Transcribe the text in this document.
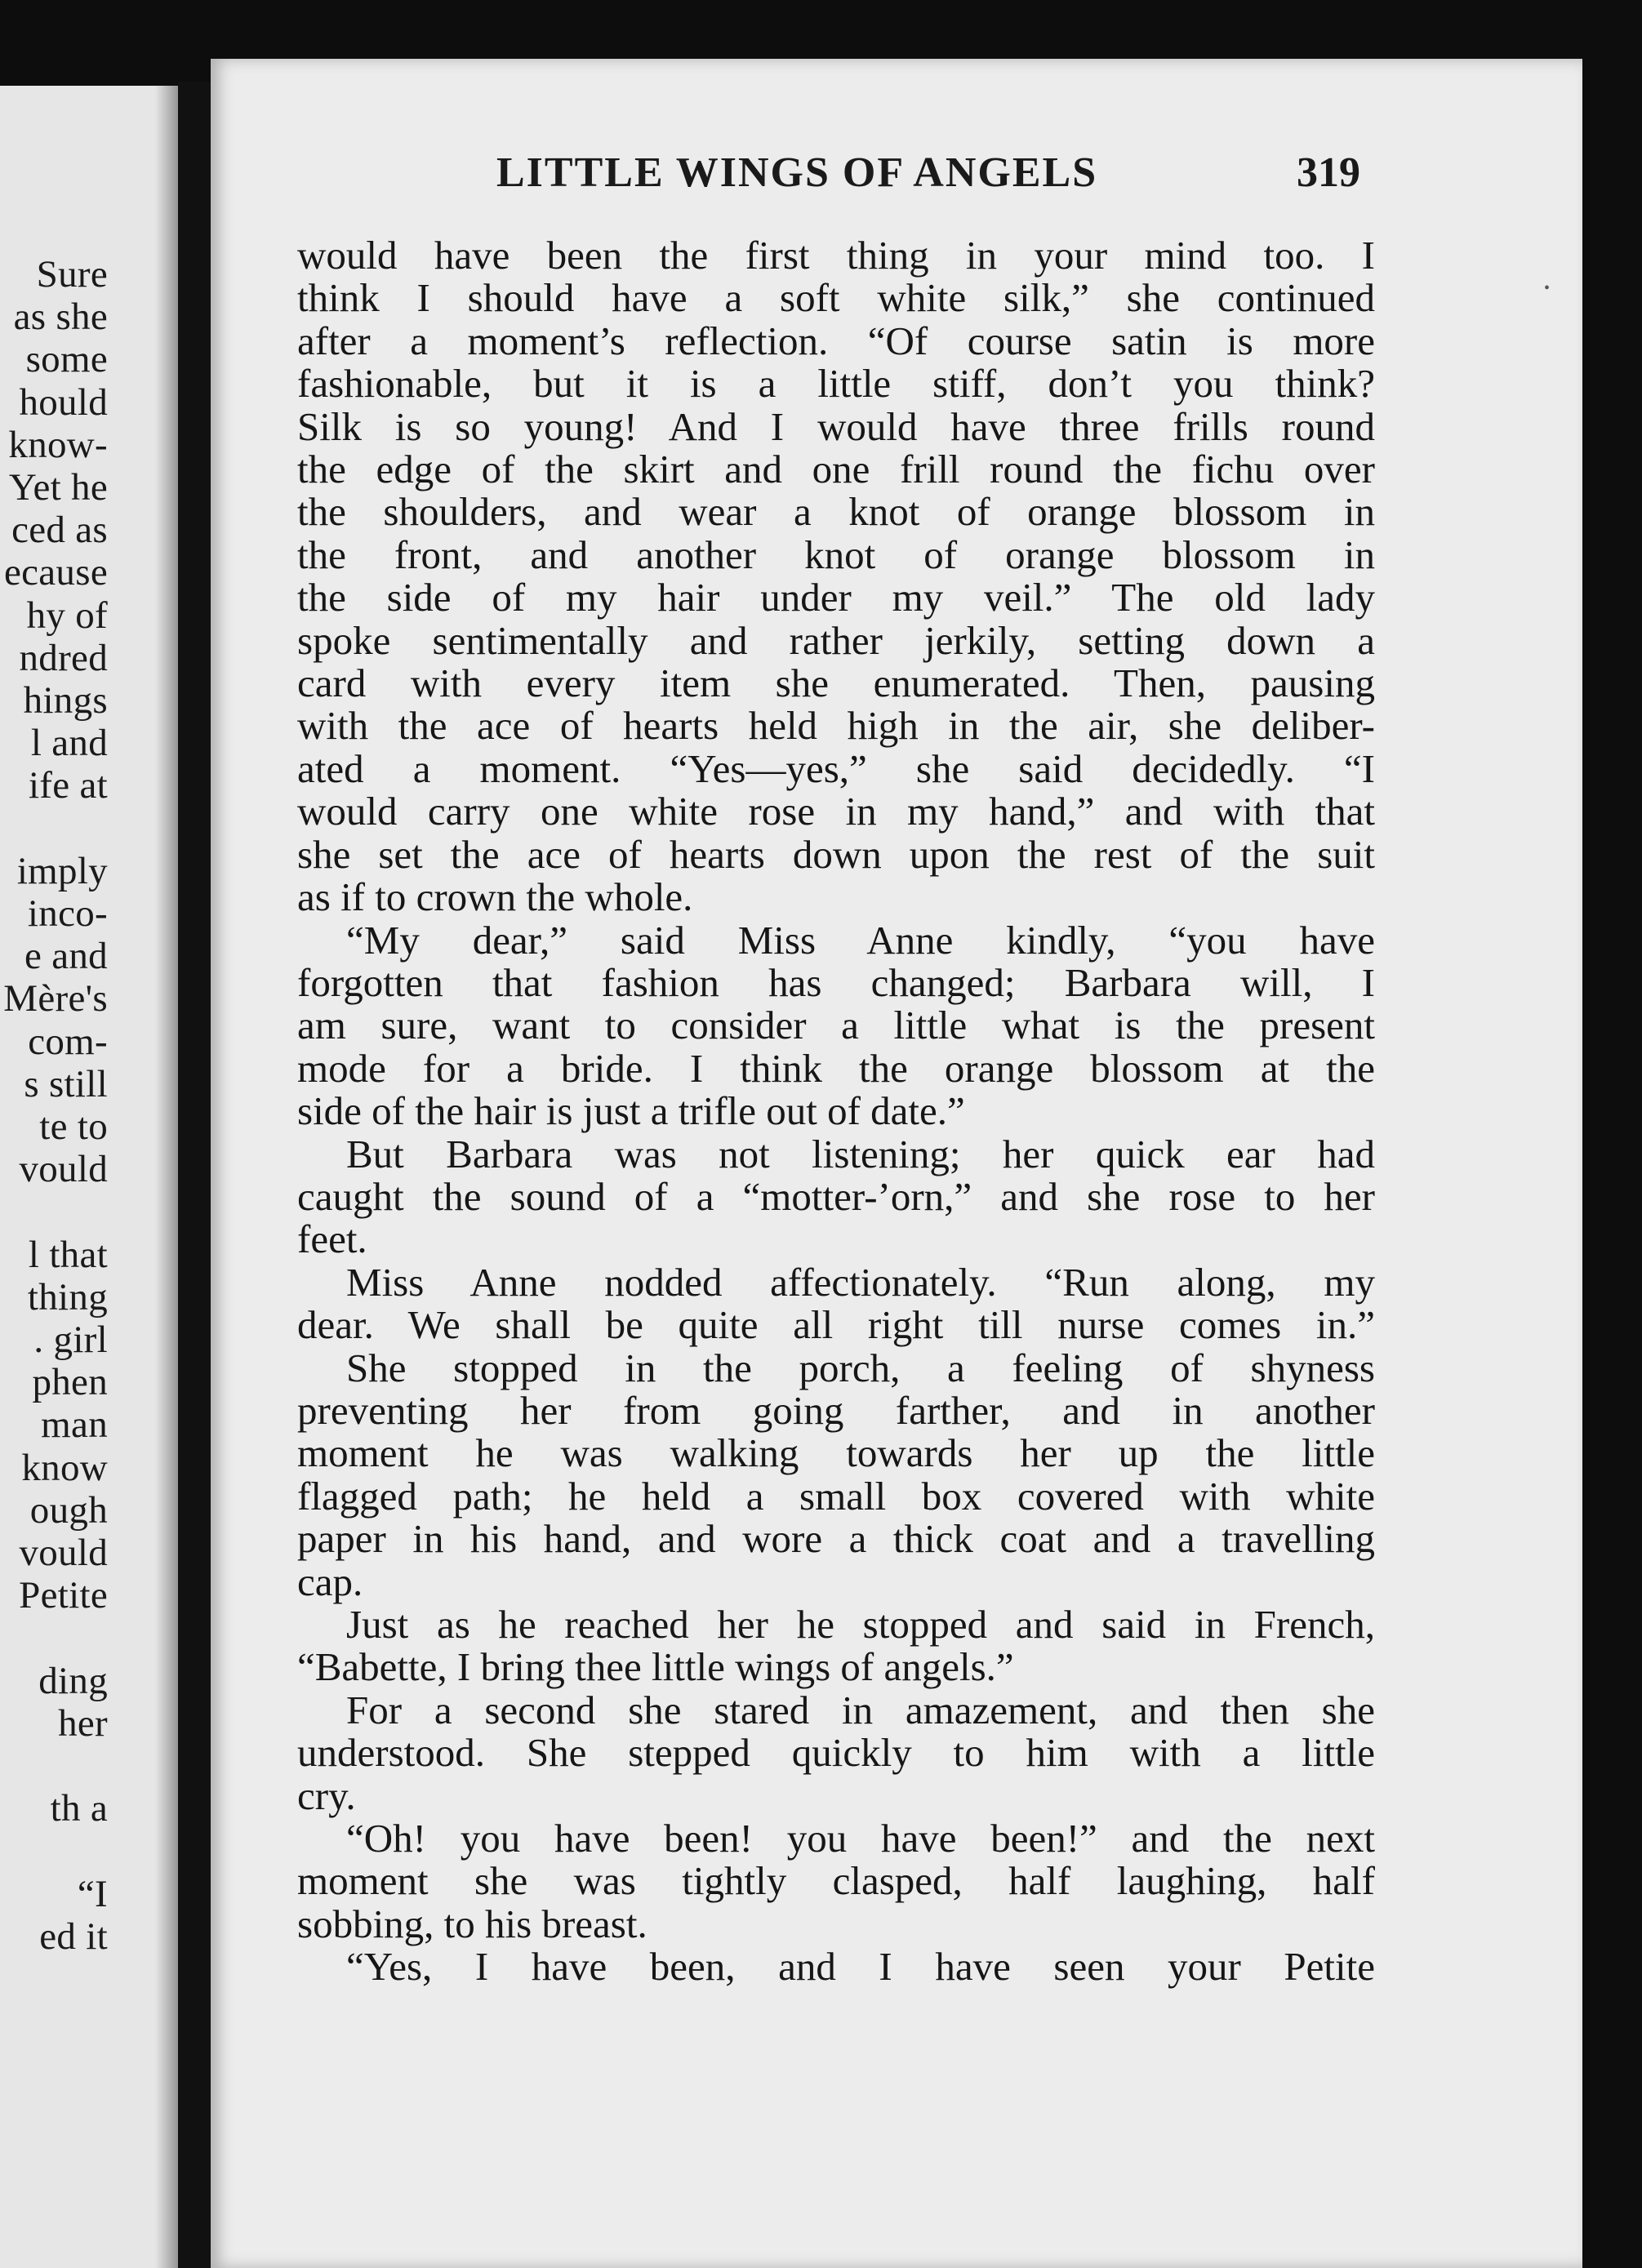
Sure
as she
some
hould
know-
Yet he
ced as
ecause
hy of
ndred
hings
l and
ife at
imply
inco-
e and
Mère's
com-
s still
te to
vould
l that
thing
. girl
phen
man
know
ough
vould
Petite
ding
her
th a
“I
ed it
LITTLE WINGS OF ANGELS	319
would have been the first thing in your mind too. I
think I should have a soft white silk,” she continued
after a moment’s reflection. “Of course satin is more
fashionable, but it is a little stiff, don’t you think?
Silk is so young! And I would have three frills round
the edge of the skirt and one frill round the fichu over
the shoulders, and wear a knot of orange blossom in
the front, and another knot of orange blossom in
the side of my hair under my veil.” The old lady
spoke sentimentally and rather jerkily, setting down a
card with every item she enumerated. Then, pausing
with the ace of hearts held high in the air, she deliber-
ated a moment. “Yes—yes,” she said decidedly. “I
would carry one white rose in my hand,” and with that
she set the ace of hearts down upon the rest of the suit
as if to crown the whole.
“My dear,” said Miss Anne kindly, “you have
forgotten that fashion has changed; Barbara will, I
am sure, want to consider a little what is the present
mode for a bride. I think the orange blossom at the
side of the hair is just a trifle out of date.”
But Barbara was not listening; her quick ear had
caught the sound of a “motter-’orn,” and she rose to her
feet.
Miss Anne nodded affectionately. “Run along, my
dear. We shall be quite all right till nurse comes in.”
She stopped in the porch, a feeling of shyness
preventing her from going farther, and in another
moment he was walking towards her up the little
flagged path; he held a small box covered with white
paper in his hand, and wore a thick coat and a travelling
cap.
Just as he reached her he stopped and said in French,
“Babette, I bring thee little wings of angels.”
For a second she stared in amazement, and then she
understood. She stepped quickly to him with a little
cry.
“Oh! you have been! you have been!” and the next
moment she was tightly clasped, half laughing, half
sobbing, to his breast.
“Yes, I have been, and I have seen your Petite
•
